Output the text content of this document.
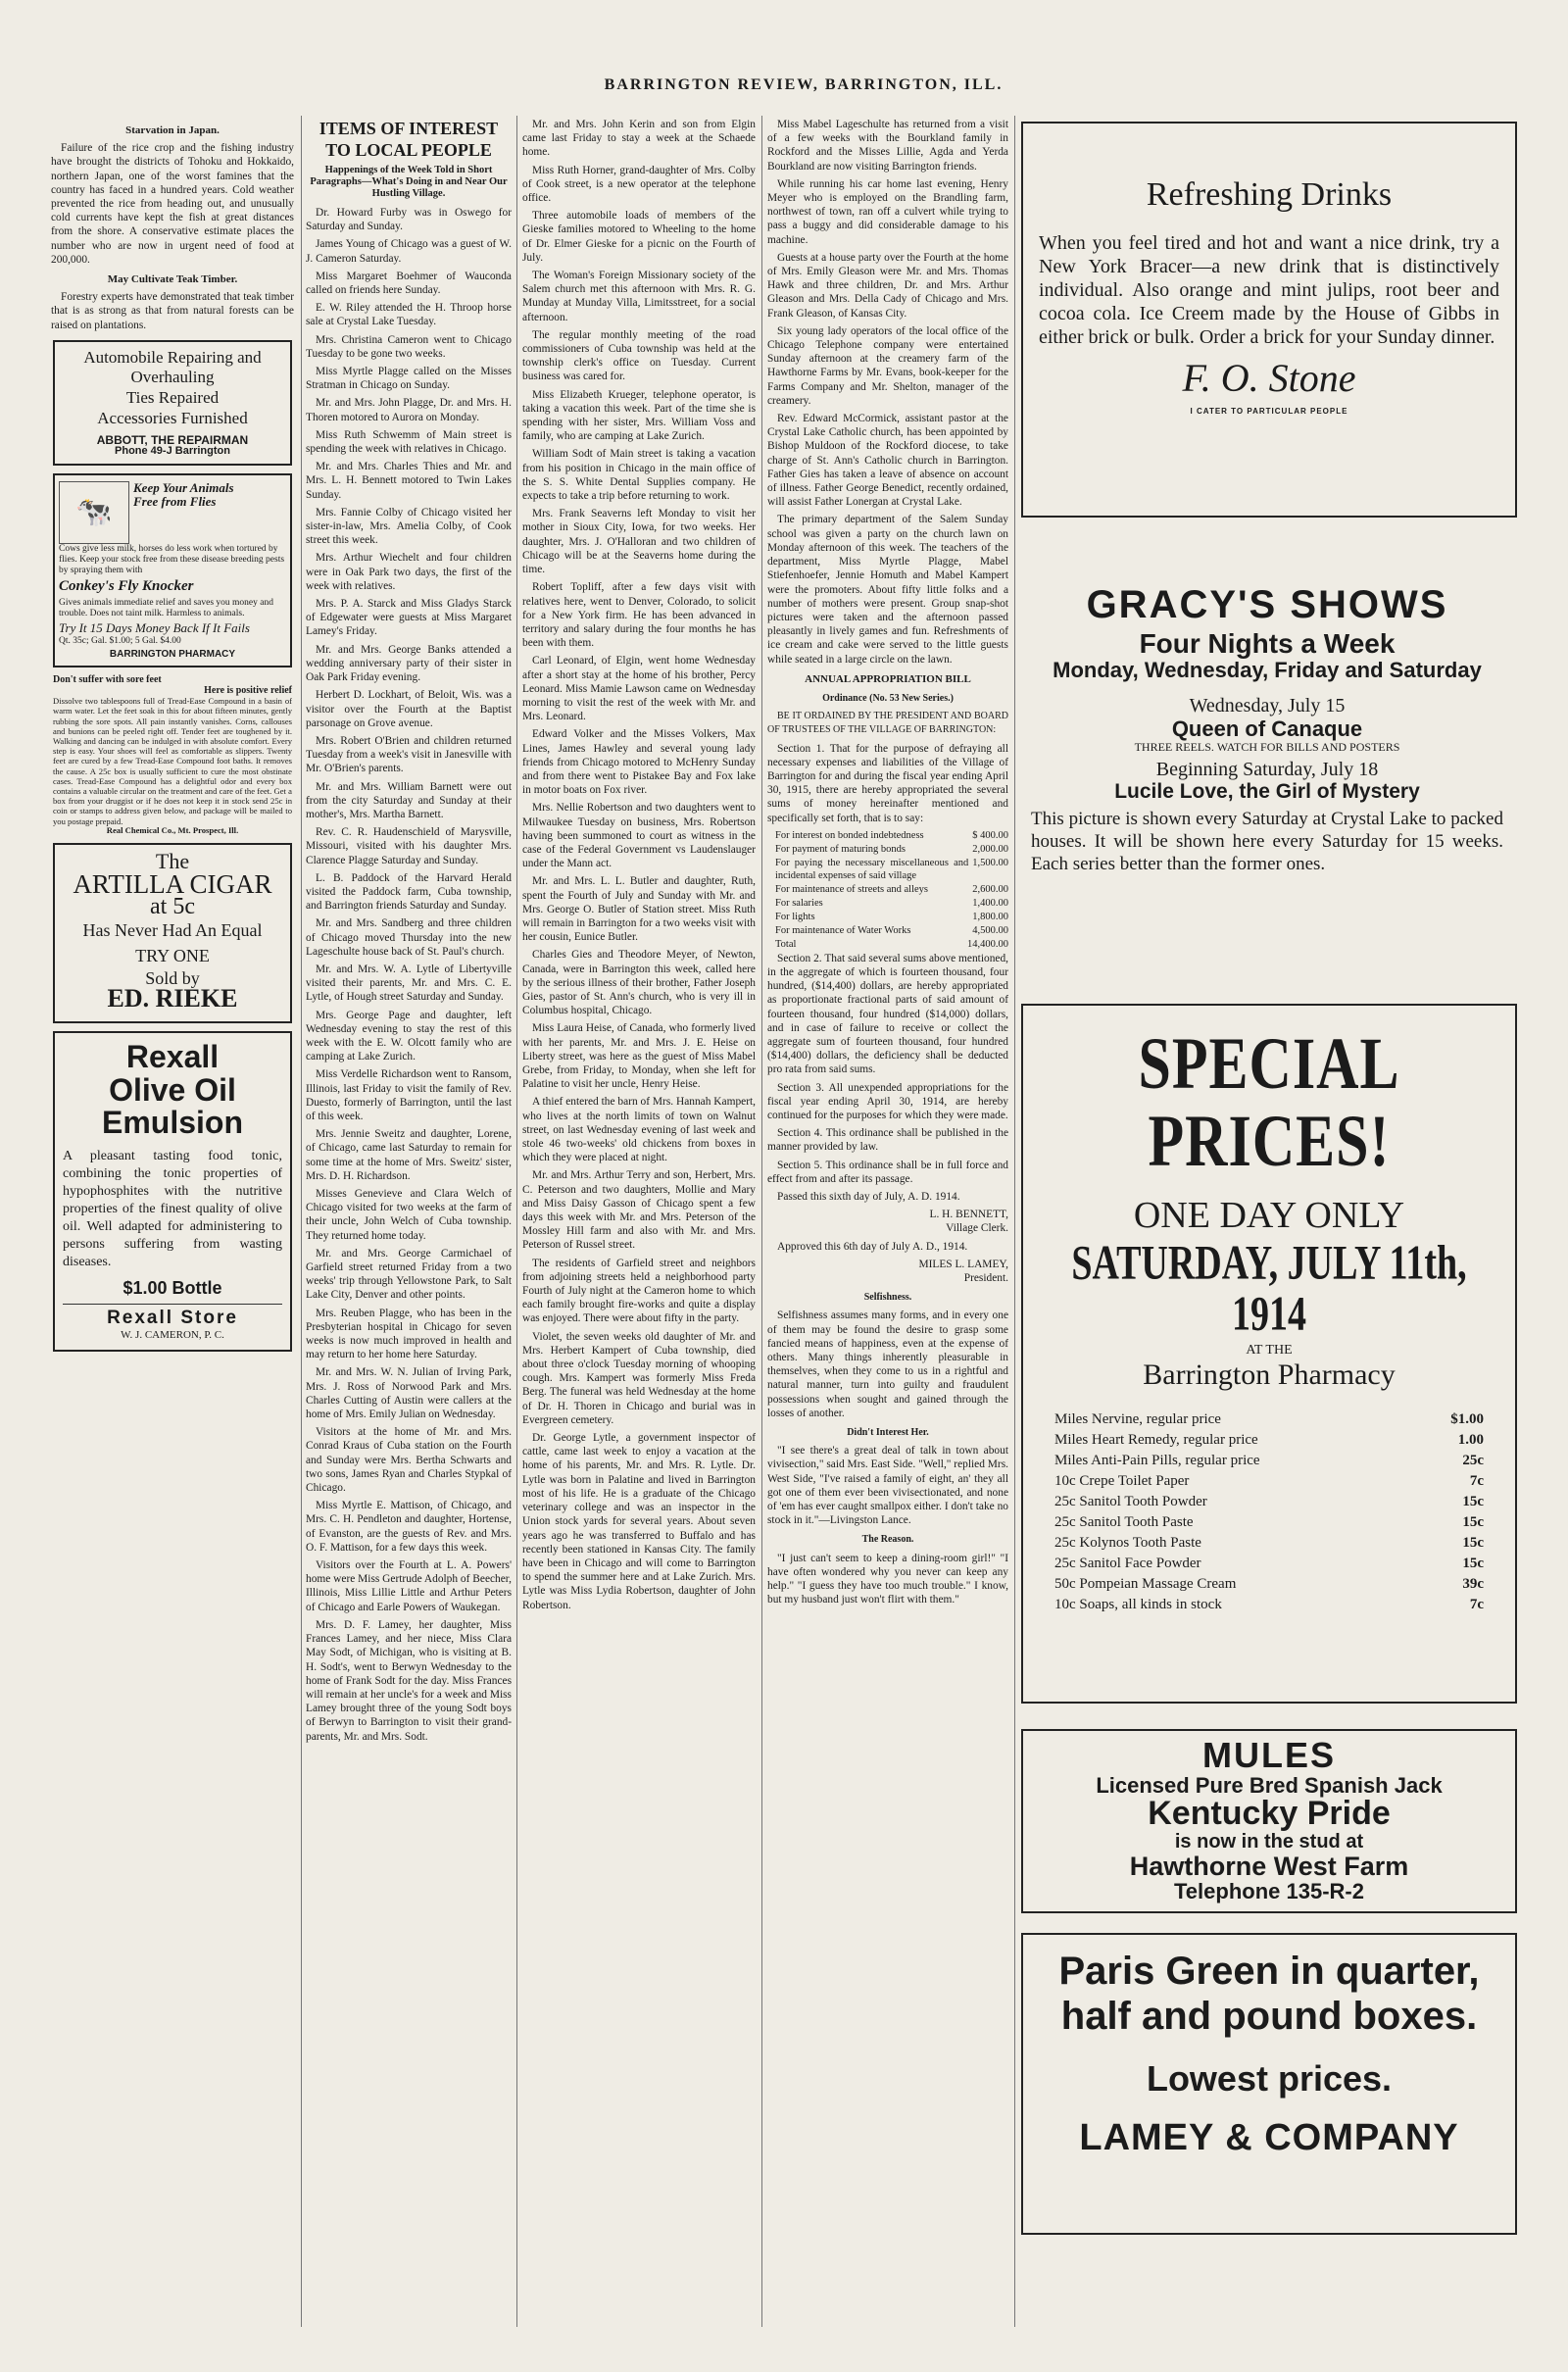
BARRINGTON REVIEW, BARRINGTON, ILL.
Starvation in Japan.

Failure of the rice crop and the fishing industry have brought the districts of Tohoku and Hokkaido, northern Japan, one of the worst famines that the country has faced in a hundred years. Cold weather prevented the rice from heading out, and unusually cold currents have kept the fish at great distances from the shore. A conservative estimate places the number who are now in urgent need of food at 200,000.

May Cultivate Teak Timber.

Forestry experts have demonstrated that teak timber that is as strong as that from natural forests can be raised on plantations.

Automobile Repairing and Overhauling
Ties Repaired
Accessories Furnished
ABBOTT, THE REPAIRMAN
Phone 49-J Barrington
🐄
Keep Your Animals
Free from Flies
Cows give less milk, horses do less work when tortured by flies. Keep your stock free from these disease breeding pests by spraying them with
Conkey's Fly Knocker
Gives animals immediate relief and saves you money and trouble. Does not taint milk. Harmless to animals.
Try It 15 Days Money Back If It Fails
Qt. 35c; Gal. $1.00; 5 Gal. $4.00
BARRINGTON PHARMACY
Don't suffer with sore feet
Here is positive relief
Dissolve two tablespoons full of Tread-Ease Compound in a basin of warm water. Let the feet soak in this for about fifteen minutes, gently rubbing the sore spots. All pain instantly vanishes. Corns, callouses and bunions can be peeled right off. Tender feet are toughened by it. Walking and dancing can be indulged in with absolute comfort. Every step is easy. Your shoes will feel as comfortable as slippers. Twenty feet are cured by a few Tread-Ease Compound foot baths. It removes the cause. A 25c box is usually sufficient to cure the most obstinate cases. Tread-Ease Compound has a delightful odor and every box contains a valuable circular on the treatment and care of the feet. Get a box from your druggist or if he does not keep it in stock send 25c in coin or stamps to address given below, and package will be mailed to you postage prepaid.
Real Chemical Co., Mt. Prospect, Ill.
The
ARTILLA CIGAR
at 5c
Has Never Had An Equal
TRY ONE
Sold by
ED. RIEKE
Rexall
Olive Oil
Emulsion
A pleasant tasting food tonic, combining the tonic properties of hypophosphites with the nutritive properties of the finest quality of olive oil. Well adapted for administering to persons suffering from wasting diseases.
$1.00 Bottle
Rexall Store
W. J. CAMERON, P. C.
ITEMS OF INTEREST TO LOCAL PEOPLE
Happenings of the Week Told in Short Paragraphs—What's Doing in and Near Our Hustling Village.

Dr. Howard Furby was in Oswego for Saturday and Sunday.

James Young of Chicago was a guest of W. J. Cameron Saturday.

Miss Margaret Boehmer of Wauconda called on friends here Sunday.

E. W. Riley attended the H. Throop horse sale at Crystal Lake Tuesday.

Mrs. Christina Cameron went to Chicago Tuesday to be gone two weeks.

Miss Myrtle Plagge called on the Misses Stratman in Chicago on Sunday.

Mr. and Mrs. John Plagge, Dr. and Mrs. H. Thoren motored to Aurora on Monday.

Miss Ruth Schwemm of Main street is spending the week with relatives in Chicago.

Mr. and Mrs. Charles Thies and Mr. and Mrs. L. H. Bennett motored to Twin Lakes Sunday.

Mrs. Fannie Colby of Chicago visited her sister-in-law, Mrs. Amelia Colby, of Cook street this week.

Mrs. Arthur Wiechelt and four children were in Oak Park two days, the first of the week with relatives.

Mrs. P. A. Starck and Miss Gladys Starck of Edgewater were guests at Miss Margaret Lamey's Friday.

Mr. and Mrs. George Banks attended a wedding anniversary party of their sister in Oak Park Friday evening.

Herbert D. Lockhart, of Beloit, Wis. was a visitor over the Fourth at the Baptist parsonage on Grove avenue.

Mrs. Robert O'Brien and children returned Tuesday from a week's visit in Janesville with Mr. O'Brien's parents.

Mr. and Mrs. William Barnett were out from the city Saturday and Sunday at their mother's, Mrs. Martha Barnett.

Rev. C. R. Haudenschield of Marysville, Missouri, visited with his daughter Mrs. Clarence Plagge Saturday and Sunday.

L. B. Paddock of the Harvard Herald visited the Paddock farm, Cuba township, and Barrington friends Saturday and Sunday.

Mr. and Mrs. Sandberg and three children of Chicago moved Thursday into the new Lageschulte house back of St. Paul's church.

Mr. and Mrs. W. A. Lytle of Libertyville visited their parents, Mr. and Mrs. C. E. Lytle, of Hough street Saturday and Sunday.

Mrs. George Page and daughter, left Wednesday evening to stay the rest of this week with the E. W. Olcott family who are camping at Lake Zurich.

Miss Verdelle Richardson went to Ransom, Illinois, last Friday to visit the family of Rev. Duesto, formerly of Barrington, until the last of this week.

Mrs. Jennie Sweitz and daughter, Lorene, of Chicago, came last Saturday to remain for some time at the home of Mrs. Sweitz' sister, Mrs. D. H. Richardson.

Misses Genevieve and Clara Welch of Chicago visited for two weeks at the farm of their uncle, John Welch of Cuba township. They returned home today.

Mr. and Mrs. George Carmichael of Garfield street returned Friday from a two weeks' trip through Yellowstone Park, to Salt Lake City, Denver and other points.

Mrs. Reuben Plagge, who has been in the Presbyterian hospital in Chicago for seven weeks is now much improved in health and may return to her home here Saturday.

Mr. and Mrs. W. N. Julian of Irving Park, Mrs. J. Ross of Norwood Park and Mrs. Charles Cutting of Austin were callers at the home of Mrs. Emily Julian on Wednesday.

Visitors at the home of Mr. and Mrs. Conrad Kraus of Cuba station on the Fourth and Sunday were Mrs. Bertha Schwarts and two sons, James Ryan and Charles Stypkal of Chicago.

Miss Myrtle E. Mattison, of Chicago, and Mrs. C. H. Pendleton and daughter, Hortense, of Evanston, are the guests of Rev. and Mrs. O. F. Mattison, for a few days this week.

Visitors over the Fourth at L. A. Powers' home were Miss Gertrude Adolph of Beecher, Illinois, Miss Lillie Little and Arthur Peters of Chicago and Earle Powers of Waukegan.

Mrs. D. F. Lamey, her daughter, Miss Frances Lamey, and her niece, Miss Clara May Sodt, of Michigan, who is visiting at B. H. Sodt's, went to Berwyn Wednesday to the home of Frank Sodt for the day. Miss Frances will remain at her uncle's for a week and Miss Lamey brought three of the young Sodt boys of Berwyn to Barrington to visit their grand-parents, Mr. and Mrs. Sodt.

Mr. and Mrs. John Kerin and son from Elgin came last Friday to stay a week at the Schaede home.

Miss Ruth Horner, grand-daughter of Mrs. Colby of Cook street, is a new operator at the telephone office.

Three automobile loads of members of the Gieske families motored to Wheeling to the home of Dr. Elmer Gieske for a picnic on the Fourth of July.

The Woman's Foreign Missionary society of the Salem church met this afternoon with Mrs. R. G. Munday at Munday Villa, Limitsstreet, for a social afternoon.

The regular monthly meeting of the road commissioners of Cuba township was held at the township clerk's office on Tuesday. Current business was cared for.

Miss Elizabeth Krueger, telephone operator, is taking a vacation this week. Part of the time she is spending with her sister, Mrs. William Voss and family, who are camping at Lake Zurich.

William Sodt of Main street is taking a vacation from his position in Chicago in the main office of the S. S. White Dental Supplies company. He expects to take a trip before returning to work.

Mrs. Frank Seaverns left Monday to visit her mother in Sioux City, Iowa, for two weeks. Her daughter, Mrs. J. O'Halloran and two children of Chicago will be at the Seaverns home during the time.

Robert Topliff, after a few days visit with relatives here, went to Denver, Colorado, to solicit for a New York firm. He has been advanced in territory and salary during the four months he has been with them.

Carl Leonard, of Elgin, went home Wednesday after a short stay at the home of his brother, Percy Leonard. Miss Mamie Lawson came on Wednesday morning to visit the rest of the week with Mr. and Mrs. Leonard.

Edward Volker and the Misses Volkers, Max Lines, James Hawley and several young lady friends from Chicago motored to McHenry Sunday and from there went to Pistakee Bay and Fox lake in motor boats on Fox river.

Mrs. Nellie Robertson and two daughters went to Milwaukee Tuesday on business, Mrs. Robertson having been summoned to court as witness in the case of the Federal Government vs Laudenslauger under the Mann act.

Mr. and Mrs. L. L. Butler and daughter, Ruth, spent the Fourth of July and Sunday with Mr. and Mrs. George O. Butler of Station street. Miss Ruth will remain in Barrington for a two weeks visit with her cousin, Eunice Butler.

Charles Gies and Theodore Meyer, of Newton, Canada, were in Barrington this week, called here by the serious illness of their brother, Father Joseph Gies, pastor of St. Ann's church, who is very ill in Columbus hospital, Chicago.

Miss Laura Heise, of Canada, who formerly lived with her parents, Mr. and Mrs. J. E. Heise on Liberty street, was here as the guest of Miss Mabel Grebe, from Friday, to Monday, when she left for Palatine to visit her uncle, Henry Heise.

A thief entered the barn of Mrs. Hannah Kampert, who lives at the north limits of town on Walnut street, on last Wednesday evening of last week and stole 46 two-weeks' old chickens from boxes in which they were placed at night.

Mr. and Mrs. Arthur Terry and son, Herbert, Mrs. C. Peterson and two daughters, Mollie and Mary and Miss Daisy Gasson of Chicago spent a few days this week with Mr. and Mrs. Peterson of the Mossley Hill farm and also with Mr. and Mrs. Peterson of Russel street.

The residents of Garfield street and neighbors from adjoining streets held a neighborhood party Fourth of July night at the Cameron home to which each family brought fire-works and quite a display was enjoyed. There were about fifty in the party.

Violet, the seven weeks old daughter of Mr. and Mrs. Herbert Kampert of Cuba township, died about three o'clock Tuesday morning of whooping cough. Mrs. Kampert was formerly Miss Freda Berg. The funeral was held Wednesday at the home of Dr. H. Thoren in Chicago and burial was in Evergreen cemetery.

Dr. George Lytle, a government inspector of cattle, came last week to enjoy a vacation at the home of his parents, Mr. and Mrs. R. Lytle. Dr. Lytle was born in Palatine and lived in Barrington most of his life. He is a graduate of the Chicago veterinary college and was an inspector in the Union stock yards for several years. About seven years ago he was transferred to Buffalo and has recently been stationed in Kansas City. The family have been in Chicago and will come to Barrington to spend the summer here and at Lake Zurich. Mrs. Lytle was Miss Lydia Robertson, daughter of John Robertson.

Miss Mabel Lageschulte has returned from a visit of a few weeks with the Bourkland family in Rockford and the Misses Lillie, Agda and Yerda Bourkland are now visiting Barrington friends.

While running his car home last evening, Henry Meyer who is employed on the Brandling farm, northwest of town, ran off a culvert while trying to pass a buggy and did considerable damage to his machine.

Guests at a house party over the Fourth at the home of Mrs. Emily Gleason were Mr. and Mrs. Thomas Hawk and three children, Dr. and Mrs. Arthur Gleason and Mrs. Della Cady of Chicago and Mrs. Frank Gleason, of Kansas City.

Six young lady operators of the local office of the Chicago Telephone company were entertained Sunday afternoon at the creamery farm of the Hawthorne Farms by Mr. Evans, book-keeper for the Farms Company and Mr. Shelton, manager of the creamery.

Rev. Edward McCormick, assistant pastor at the Crystal Lake Catholic church, has been appointed by Bishop Muldoon of the Rockford diocese, to take charge of St. Ann's Catholic church in Barrington. Father Gies has taken a leave of absence on account of illness. Father George Benedict, recently ordained, will assist Father Lonergan at Crystal Lake.

The primary department of the Salem Sunday school was given a party on the church lawn on Monday afternoon of this week. The teachers of the department, Miss Myrtle Plagge, Mabel Stiefenhoefer, Jennie Homuth and Mabel Kampert were the promoters. About fifty little folks and a number of mothers were present. Group snap-shot pictures were taken and the afternoon passed pleasantly in lively games and fun. Refreshments of ice cream and cake were served to the little guests while seated in a large circle on the lawn.

ANNUAL APPROPRIATION BILL
Ordinance (No. 53 New Series.)

BE IT ORDAINED BY THE PRESIDENT AND BOARD OF TRUSTEES OF THE VILLAGE OF BARRINGTON:

Section 1. That for the purpose of defraying all necessary expenses and liabilities of the Village of Barrington for and during the fiscal year ending April 30, 1915, there are hereby appropriated the several sums of money hereinafter mentioned and specifically set forth, that is to say:

For interest on bonded indebtedness	$ 400.00
For payment of maturing bonds	2,000.00
For paying the necessary miscellaneous and incidental expenses of said village
1,500.00
For maintenance of streets and alleys	2,600.00
For salaries	1,400.00
For lights	1,800.00
For maintenance of Water Works	4,500.00
Total	14,400.00

Section 2. That said several sums above mentioned, in the aggregate of which is fourteen thousand, four hundred, ($14,400) dollars, are hereby appropriated as proportionate fractional parts of said amount of fourteen thousand, four hundred ($14,000) dollars, and in case of failure to receive or collect the aggregate sum of fourteen thousand, four hundred ($14,400) dollars, the deficiency shall be deducted pro rata from said sums.

Section 3. All unexpended appropriations for the fiscal year ending April 30, 1914, are hereby continued for the purposes for which they were made.

Section 4. This ordinance shall be published in the manner provided by law.

Section 5. This ordinance shall be in full force and effect from and after its passage.

Passed this sixth day of July, A. D. 1914.

L. H. BENNETT,
Village Clerk.

Approved this 6th day of July A. D., 1914.

MILES L. LAMEY,
President.
Selfishness.

Selfishness assumes many forms, and in every one of them may be found the desire to grasp some fancied means of happiness, even at the expense of others. Many things inherently pleasurable in themselves, when they come to us in a rightful and natural manner, turn into guilty and fraudulent possessions when sought and gained through the losses of another.

Didn't Interest Her.

"I see there's a great deal of talk in town about vivisection," said Mrs. East Side. "Well," replied Mrs. West Side, "I've raised a family of eight, an' they all got one of them ever been vivisectionated, and none of 'em has ever caught smallpox either. I don't take no stock in it."—Livingston Lance.

The Reason.

"I just can't seem to keep a dining-room girl!" "I have often wondered why you never can keep any help." "I guess they have too much trouble." I know, but my husband just won't flirt with them."

Refreshing Drinks
When you feel tired and hot and want a nice drink, try a New York Bracer—a new drink that is distinctively individual. Also orange and mint julips, root beer and cocoa cola. Ice Creem made by the House of Gibbs in either brick or bulk. Order a brick for your Sunday dinner.
F. O. Stone
I CATER TO PARTICULAR PEOPLE
GRACY'S SHOWS
Four Nights a Week
Monday, Wednesday, Friday and Saturday
Wednesday, July 15
Queen of Canaque
THREE REELS. WATCH FOR BILLS AND POSTERS
Beginning Saturday, July 18
Lucile Love, the Girl of Mystery
This picture is shown every Saturday at Crystal Lake to packed houses. It will be shown here every Saturday for 15 weeks. Each series better than the former ones.
SPECIAL PRICES!
ONE DAY ONLY
SATURDAY, JULY 11th, 1914
AT THE
Barrington Pharmacy
Miles Nervine, regular price	$1.00
Miles Heart Remedy, regular price	1.00
Miles Anti-Pain Pills, regular price	25c
10c Crepe Toilet Paper	7c
25c Sanitol Tooth Powder	15c
25c Sanitol Tooth Paste	15c
25c Kolynos Tooth Paste	15c
25c Sanitol Face Powder	15c
50c Pompeian Massage Cream	39c
10c Soaps, all kinds in stock	7c
MULES
Licensed Pure Bred Spanish Jack
Kentucky Pride
is now in the stud at
Hawthorne West Farm
Telephone 135-R-2
Paris Green in quarter, half and pound boxes.
Lowest prices.
LAMEY & COMPANY
